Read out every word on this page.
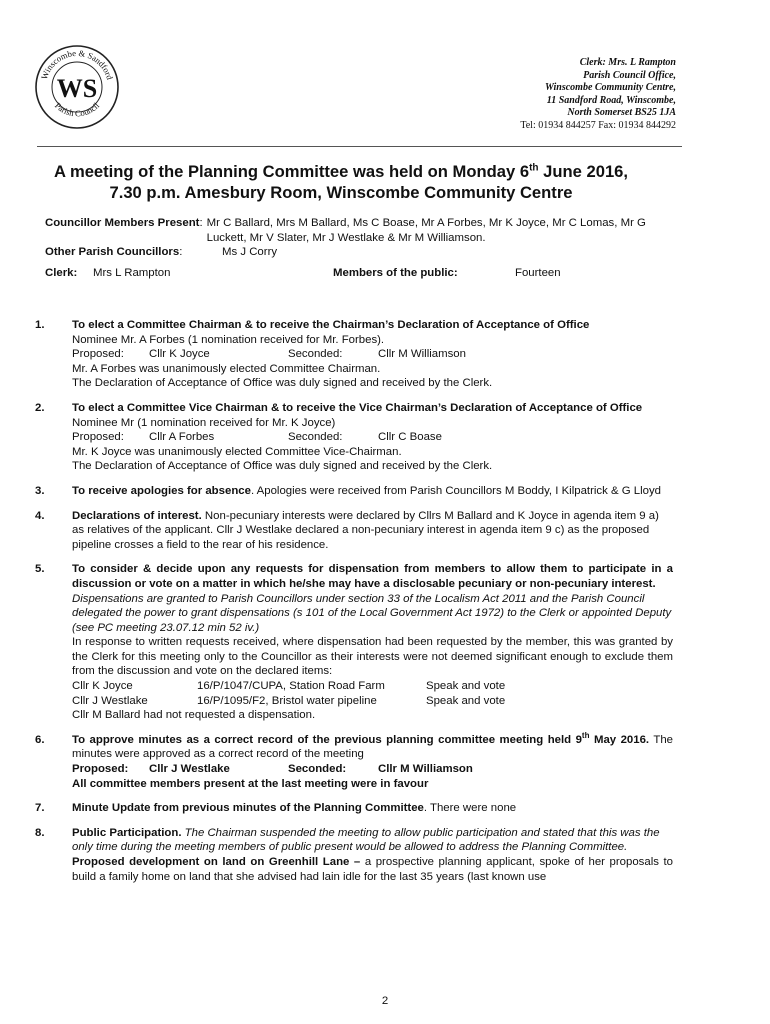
Winscombe & Sandford
Parish Council
WS
Clerk: Mrs. L Rampton
Parish Council Office,
Winscombe Community Centre,
11 Sandford Road, Winscombe,
North Somerset BS25 1JA
Tel: 01934 844257 Fax: 01934 844292
A meeting of the Planning Committee was held on Monday 6th June 2016,
7.30 p.m. Amesbury Room, Winscombe Community Centre
Councillor Members Present: Mr C Ballard, Mrs M Ballard, Ms C Boase, Mr A Forbes, Mr K Joyce, Mr C Lomas, Mr G Luckett, Mr V Slater, Mr J Westlake & Mr M Williamson.
Other Parish Councillors:	Ms J Corry
Clerk: Mrs L Rampton	Members of the public:	Fourteen
1.	To elect a Committee Chairman & to receive the Chairman’s Declaration of Acceptance of Office
Nominee Mr. A Forbes (1 nomination received for Mr. Forbes).
Proposed: Cllr K Joyce	Seconded:	Cllr M Williamson
Mr. A Forbes was unanimously elected Committee Chairman.
The Declaration of Acceptance of Office was duly signed and received by the Clerk.
2.	To elect a Committee Vice Chairman & to receive the Vice Chairman’s Declaration of Acceptance of Office
Nominee Mr (1 nomination received for Mr. K Joyce)
Proposed: Cllr A Forbes	Seconded:	Cllr C Boase
Mr. K Joyce was unanimously elected Committee Vice-Chairman.
The Declaration of Acceptance of Office was duly signed and received by the Clerk.
3.	To receive apologies for absence. Apologies were received from Parish Councillors M Boddy, I Kilpatrick & G Lloyd
4.	Declarations of interest. Non-pecuniary interests were declared by Cllrs M Ballard and K Joyce in agenda item 9 a) as relatives of the applicant. Cllr J Westlake declared a non-pecuniary interest in agenda item 9 c) as the proposed pipeline crosses a field to the rear of his residence.
5.	To consider & decide upon any requests for dispensation from members to allow them to participate in a discussion or vote on a matter in which he/she may have a disclosable pecuniary or non-pecuniary interest.
Dispensations are granted to Parish Councillors under section 33 of the Localism Act 2011 and the Parish Council delegated the power to grant dispensations (s 101 of the Local Government Act 1972) to the Clerk or appointed Deputy (see PC meeting 23.07.12 min 52 iv.)
In response to written requests received, where dispensation had been requested by the member, this was granted by the Clerk for this meeting only to the Councillor as their interests were not deemed significant enough to exclude them from the discussion and vote on the declared items:
Cllr K Joyce	16/P/1047/CUPA, Station Road Farm	Speak and vote
Cllr J Westlake	16/P/1095/F2, Bristol water pipeline	Speak and vote
Cllr M Ballard had not requested a dispensation.
6.	To approve minutes as a correct record of the previous planning committee meeting held 9th May 2016. The minutes were approved as a correct record of the meeting
Proposed: Cllr J Westlake	Seconded:	Cllr M Williamson
All committee members present at the last meeting were in favour
7.	Minute Update from previous minutes of the Planning Committee. There were none
8.	Public Participation. The Chairman suspended the meeting to allow public participation and stated that this was the only time during the meeting members of public present would be allowed to address the Planning Committee.
Proposed development on land on Greenhill Lane – a prospective planning applicant, spoke of her proposals to build a family home on land that she advised had lain idle for the last 35 years (last known use
2
